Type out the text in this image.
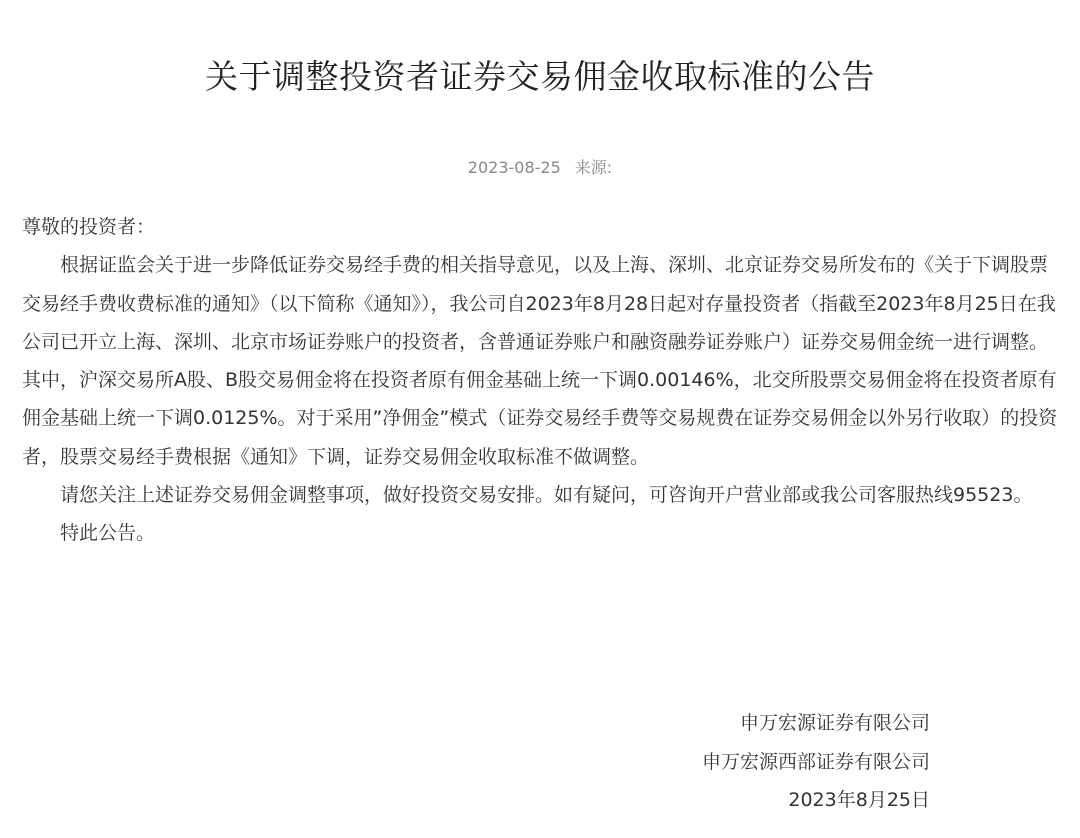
关于调整投资者证券交易佣金收取标准的公告
2023-08-25 来源:

尊敬的投资者：

根据证监会关于进一步降低证券交易经手费的相关指导意见，以及上海、深圳、北京证券交易所发布的《关于下调股票交易经手费收费标准的通知》（以下简称《通知》），我公司自2023年8月28日起对存量投资者（指截至2023年8月25日在我公司已开立上海、深圳、北京市场证券账户的投资者，含普通证券账户和融资融券证券账户）证券交易佣金统一进行调整。其中，沪深交易所A股、B股交易佣金将在投资者原有佣金基础上统一下调0.00146%，北交所股票交易佣金将在投资者原有佣金基础上统一下调0.0125%。对于采用”净佣金”模式（证券交易经手费等交易规费在证券交易佣金以外另行收取）的投资者，股票交易经手费根据《通知》下调，证券交易佣金收取标准不做调整。

请您关注上述证券交易佣金调整事项，做好投资交易安排。如有疑问，可咨询开户营业部或我公司客服热线95523。

特此公告。

申万宏源证券有限公司
申万宏源西部证券有限公司
2023年8月25日
